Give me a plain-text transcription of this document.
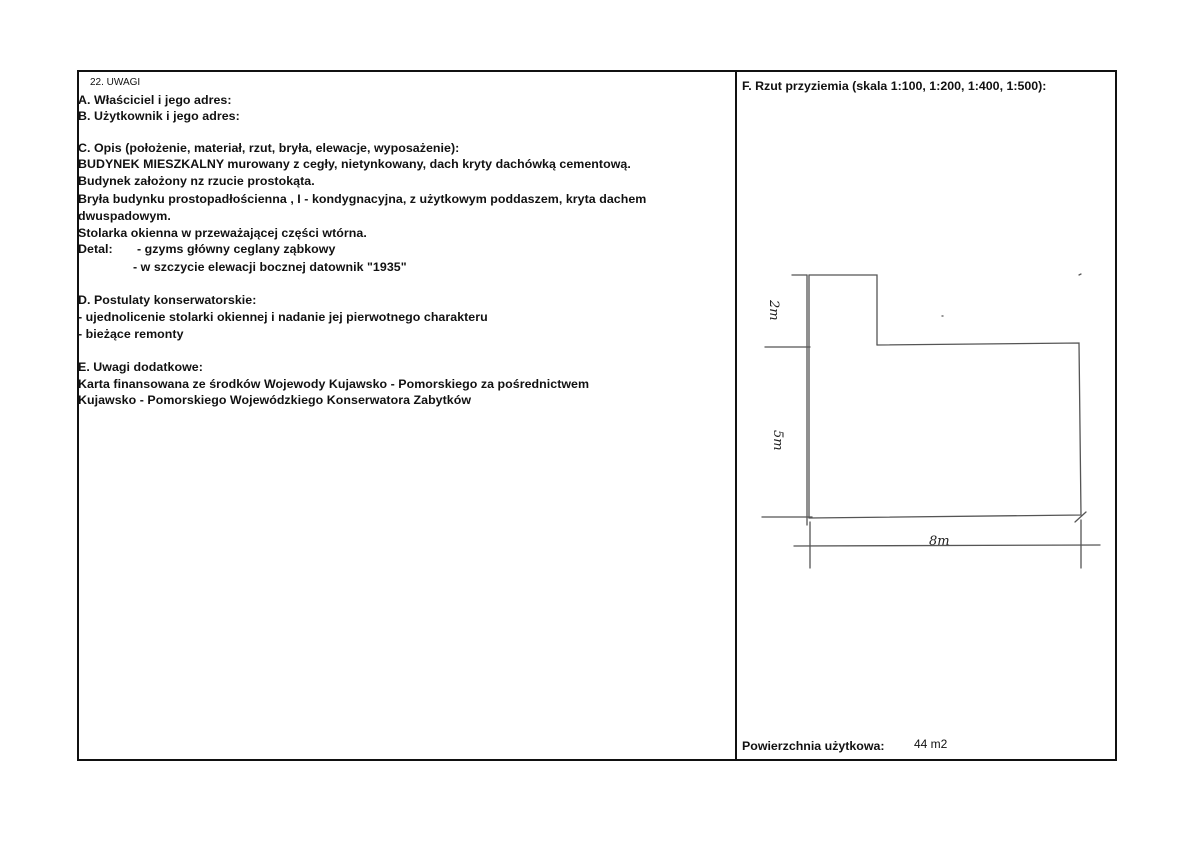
22. UWAGI
A. Właściciel i jego adres:
B. Użytkownik i jego adres:
C. Opis (położenie, materiał, rzut, bryła, elewacje, wyposażenie):
BUDYNEK MIESZKALNY murowany z cegły, nietynkowany, dach kryty dachówką cementową.
Budynek założony nz rzucie prostokąta.
Bryła budynku prostopadłościenna , I - kondygnacyjna, z użytkowym poddaszem, kryta dachem
dwuspadowym.
Stolarka okienna w przeważającej części wtórna.
Detal: - gzyms główny ceglany ząbkowy
- w szczycie elewacji bocznej datownik "1935"
D. Postulaty konserwatorskie:
- ujednolicenie stolarki okiennej i nadanie jej pierwotnego charakteru
- bieżące remonty
E. Uwagi dodatkowe:
Karta finansowana ze środków Wojewody Kujawsko - Pomorskiego za pośrednictwem
Kujawsko - Pomorskiego Wojewódzkiego Konserwatora Zabytków
F. Rzut przyziemia (skala 1:100, 1:200, 1:400, 1:500):
2m
5m
8m
Powierzchnia użytkowa: 44 m2
